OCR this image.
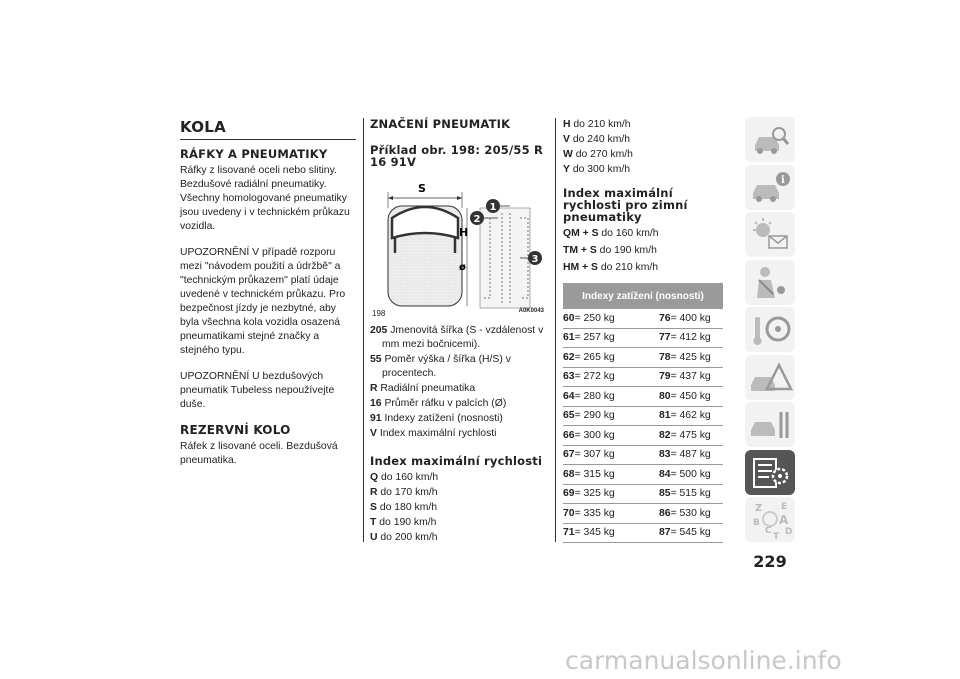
KOLA
RÁFKY A PNEUMATIKY

Ráfky z lisované oceli nebo slitiny. Bezdušové radiální pneumatiky. Všechny homologované pneumatiky jsou uvedeny i v technickém průkazu vozidla.

UPOZORNĚNÍ V případě rozporu mezi "návodem použití a údržbě" a "technickým průkazem" platí údaje uvedené v technickém průkazu. Pro bezpečnost jízdy je nezbytné, aby byla všechna kola vozidla osazená pneumatikami stejné značky a stejného typu.

UPOZORNĚNÍ U bezdušových pneumatik Tubeless nepoužívejte duše.

REZERVNÍ KOLO

Ráfek z lisované oceli. Bezdušová pneumatika.

ZNAČENÍ PNEUMATIK
Příklad obr. 198: 205/55 R 16 91V
S
H
ø
1
2
3
198	A0K0043
205 Jmenovitá šířka (S - vzdálenost v mm mezi bočnicemi).
55 Poměr výška / šířka (H/S) v procentech.
R Radiální pneumatika
16 Průměr ráfku v palcích (Ø)
91 Indexy zatížení (nosnosti)
V Index maximální rychlosti
Index maximální rychlosti
Q do 160 km/h
R do 170 km/h
S do 180 km/h
T do 190 km/h
U do 200 km/h
H do 210 km/h
V do 240 km/h
W do 270 km/h
Y do 300 km/h
Index maximální rychlosti pro zimní pneumatiky
QM + S do 160 km/h
TM + S do 190 km/h
HM + S do 210 km/h
Indexy zatížení (nosnosti)	
60= 250 kg	76= 400 kg
61= 257 kg	77= 412 kg
62= 265 kg	78= 425 kg
63= 272 kg	79= 437 kg
64= 280 kg	80= 450 kg
65= 290 kg	81= 462 kg
66= 300 kg	82= 475 kg
67= 307 kg	83= 487 kg
68= 315 kg	84= 500 kg
69= 325 kg	85= 515 kg
70= 335 kg	86= 530 kg
71= 345 kg	87= 545 kg
i
Z E
B A
C D
T
229
carmanualsonline.info
